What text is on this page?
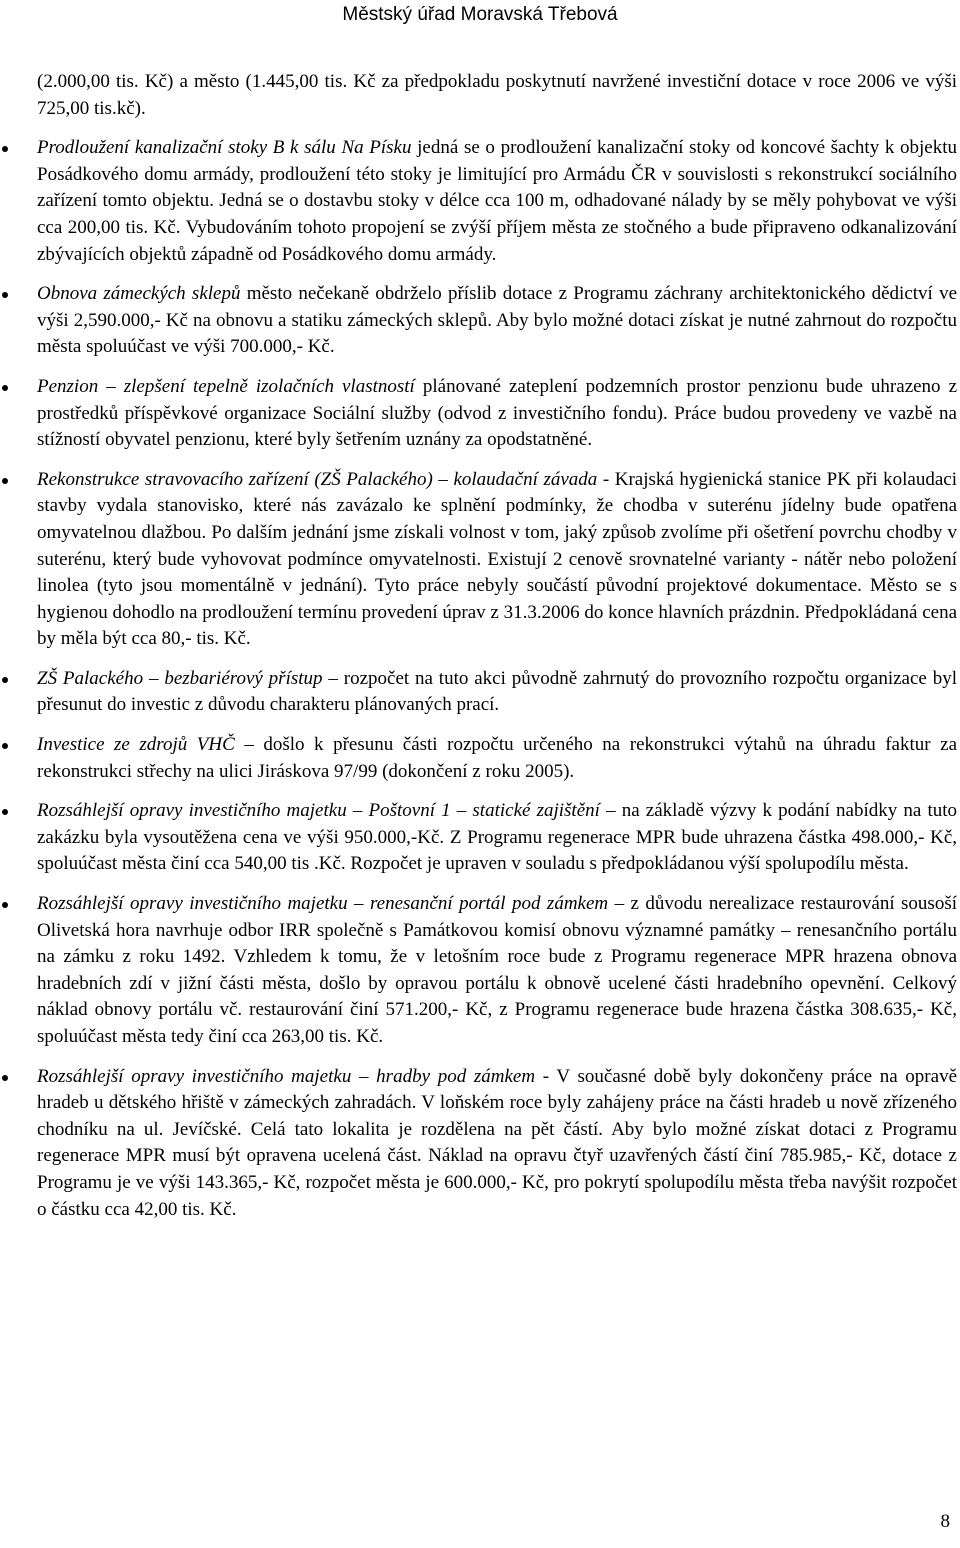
Městský úřad Moravská Třebová

(2.000,00 tis. Kč) a město (1.445,00 tis. Kč za předpokladu poskytnutí navržené investiční dotace v roce 2006 ve výši 725,00 tis.kč).

Prodloužení kanalizační stoky B k sálu Na Písku jedná se o prodloužení kanalizační stoky od koncové šachty k objektu Posádkového domu armády, prodloužení této stoky je limitující pro Armádu ČR v souvislosti s rekonstrukcí sociálního zařízení tomto objektu. Jedná se o dostavbu stoky v délce cca 100 m, odhadované nálady by se měly pohybovat ve výši cca 200,00 tis. Kč. Vybudováním tohoto propojení se zvýší příjem města ze stočného a bude připraveno odkanalizování zbývajících objektů západně od Posádkového domu armády.
Obnova zámeckých sklepů město nečekaně obdrželo příslib dotace z Programu záchrany architektonického dědictví ve výši 2,590.000,- Kč na obnovu a statiku zámeckých sklepů. Aby bylo možné dotaci získat je nutné zahrnout do rozpočtu města spoluúčast ve výši 700.000,- Kč.
Penzion – zlepšení tepelně izolačních vlastností plánované zateplení podzemních prostor penzionu bude uhrazeno z prostředků příspěvkové organizace Sociální služby (odvod z investičního fondu). Práce budou provedeny ve vazbě na stížností obyvatel penzionu, které byly šetřením uznány za opodstatněné.
Rekonstrukce stravovacího zařízení (ZŠ Palackého) – kolaudační závada - Krajská hygienická stanice PK při kolaudaci stavby vydala stanovisko, které nás zavázalo ke splnění podmínky, že chodba v suterénu jídelny bude opatřena omyvatelnou dlažbou. Po dalším jednání jsme získali volnost v tom, jaký způsob zvolíme při ošetření povrchu chodby v suterénu, který bude vyhovovat podmínce omyvatelnosti. Existují 2 cenově srovnatelné varianty - nátěr nebo položení linolea (tyto jsou momentálně v jednání). Tyto práce nebyly součástí původní projektové dokumentace. Město se s hygienou dohodlo na prodloužení termínu provedení úprav z 31.3.2006 do konce hlavních prázdnin. Předpokládaná cena by měla být cca 80,- tis. Kč.
ZŠ Palackého – bezbariérový přístup – rozpočet na tuto akci původně zahrnutý do provozního rozpočtu organizace byl přesunut do investic z důvodu charakteru plánovaných prací.
Investice ze zdrojů VHČ – došlo k přesunu části rozpočtu určeného na rekonstrukci výtahů na úhradu faktur za rekonstrukci střechy na ulici Jiráskova 97/99 (dokončení z roku 2005).
Rozsáhlejší opravy investičního majetku – Poštovní 1 – statické zajištění – na základě výzvy k podání nabídky na tuto zakázku byla vysoutěžena cena ve výši 950.000,-Kč. Z Programu regenerace MPR bude uhrazena částka 498.000,- Kč, spoluúčast města činí cca 540,00 tis .Kč. Rozpočet je upraven v souladu s předpokládanou výší spolupodílu města.
Rozsáhlejší opravy investičního majetku – renesanční portál pod zámkem – z důvodu nerealizace restaurování sousoší Olivetská hora navrhuje odbor IRR společně s Památkovou komisí obnovu významné památky – renesančního portálu na zámku z roku 1492. Vzhledem k tomu, že v letošním roce bude z Programu regenerace MPR hrazena obnova hradebních zdí v jižní části města, došlo by opravou portálu k obnově ucelené části hradebního opevnění. Celkový náklad obnovy portálu vč. restaurování činí 571.200,- Kč, z Programu regenerace bude hrazena částka 308.635,- Kč, spoluúčast města tedy činí cca 263,00 tis. Kč.
Rozsáhlejší opravy investičního majetku – hradby pod zámkem - V současné době byly dokončeny práce na opravě hradeb u dětského hřiště v zámeckých zahradách. V loňském roce byly zahájeny práce na části hradeb u nově zřízeného chodníku na ul. Jevíčské. Celá tato lokalita je rozdělena na pět částí. Aby bylo možné získat dotaci z Programu regenerace MPR musí být opravena ucelená část. Náklad na opravu čtyř uzavřených částí činí 785.985,- Kč, dotace z Programu je ve výši 143.365,- Kč, rozpočet města je 600.000,- Kč, pro pokrytí spolupodílu města třeba navýšit rozpočet o částku cca 42,00 tis. Kč.
8
